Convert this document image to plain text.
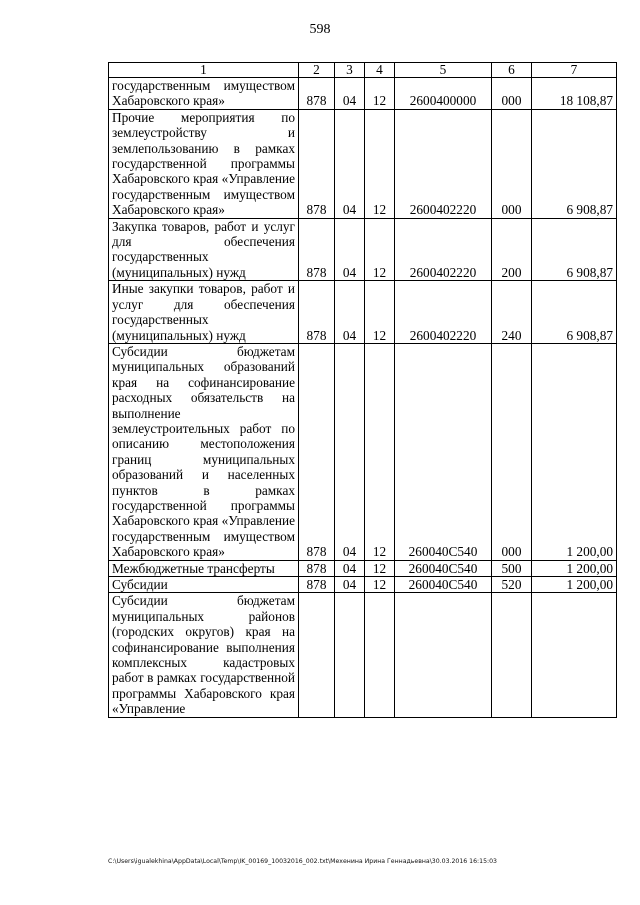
598
1	2	3	4	5	6	7
государственным имуществом Хабаровского края»	878	04	12	2600400000	000	18 108,87
Прочие мероприятия по землеустройству и землепользованию в рамках государственной программы Хабаровского края «Управление государственным имуществом Хабаровского края»	878	04	12	2600402220	000	6 908,87
Закупка товаров, работ и услуг для обеспечения государственных (муниципальных) нужд	878	04	12	2600402220	200	6 908,87
Иные закупки товаров, работ и услуг для обеспечения государственных (муниципальных) нужд	878	04	12	2600402220	240	6 908,87
Субсидии бюджетам муниципальных образований края на софинансирование расходных обязательств на выполнение землеустроительных работ по описанию местоположения границ муниципальных образований и населенных пунктов в рамках государственной программы Хабаровского края «Управление государственным имуществом Хабаровского края»	878	04	12	260040С540	000	1 200,00
Межбюджетные трансферты	878	04	12	260040С540	500	1 200,00
Субсидии	878	04	12	260040С540	520	1 200,00
Субсидии бюджетам муниципальных районов (городских округов) края на софинансирование выполнения комплексных кадастровых работ в рамках государственной программы Хабаровского края «Управление						
C:\Users\igualekhina\AppData\Local\Temp\IK_00169_10032016_002.txt\Мехенина Ирина Геннадьевна\30.03.2016 16:15:03
